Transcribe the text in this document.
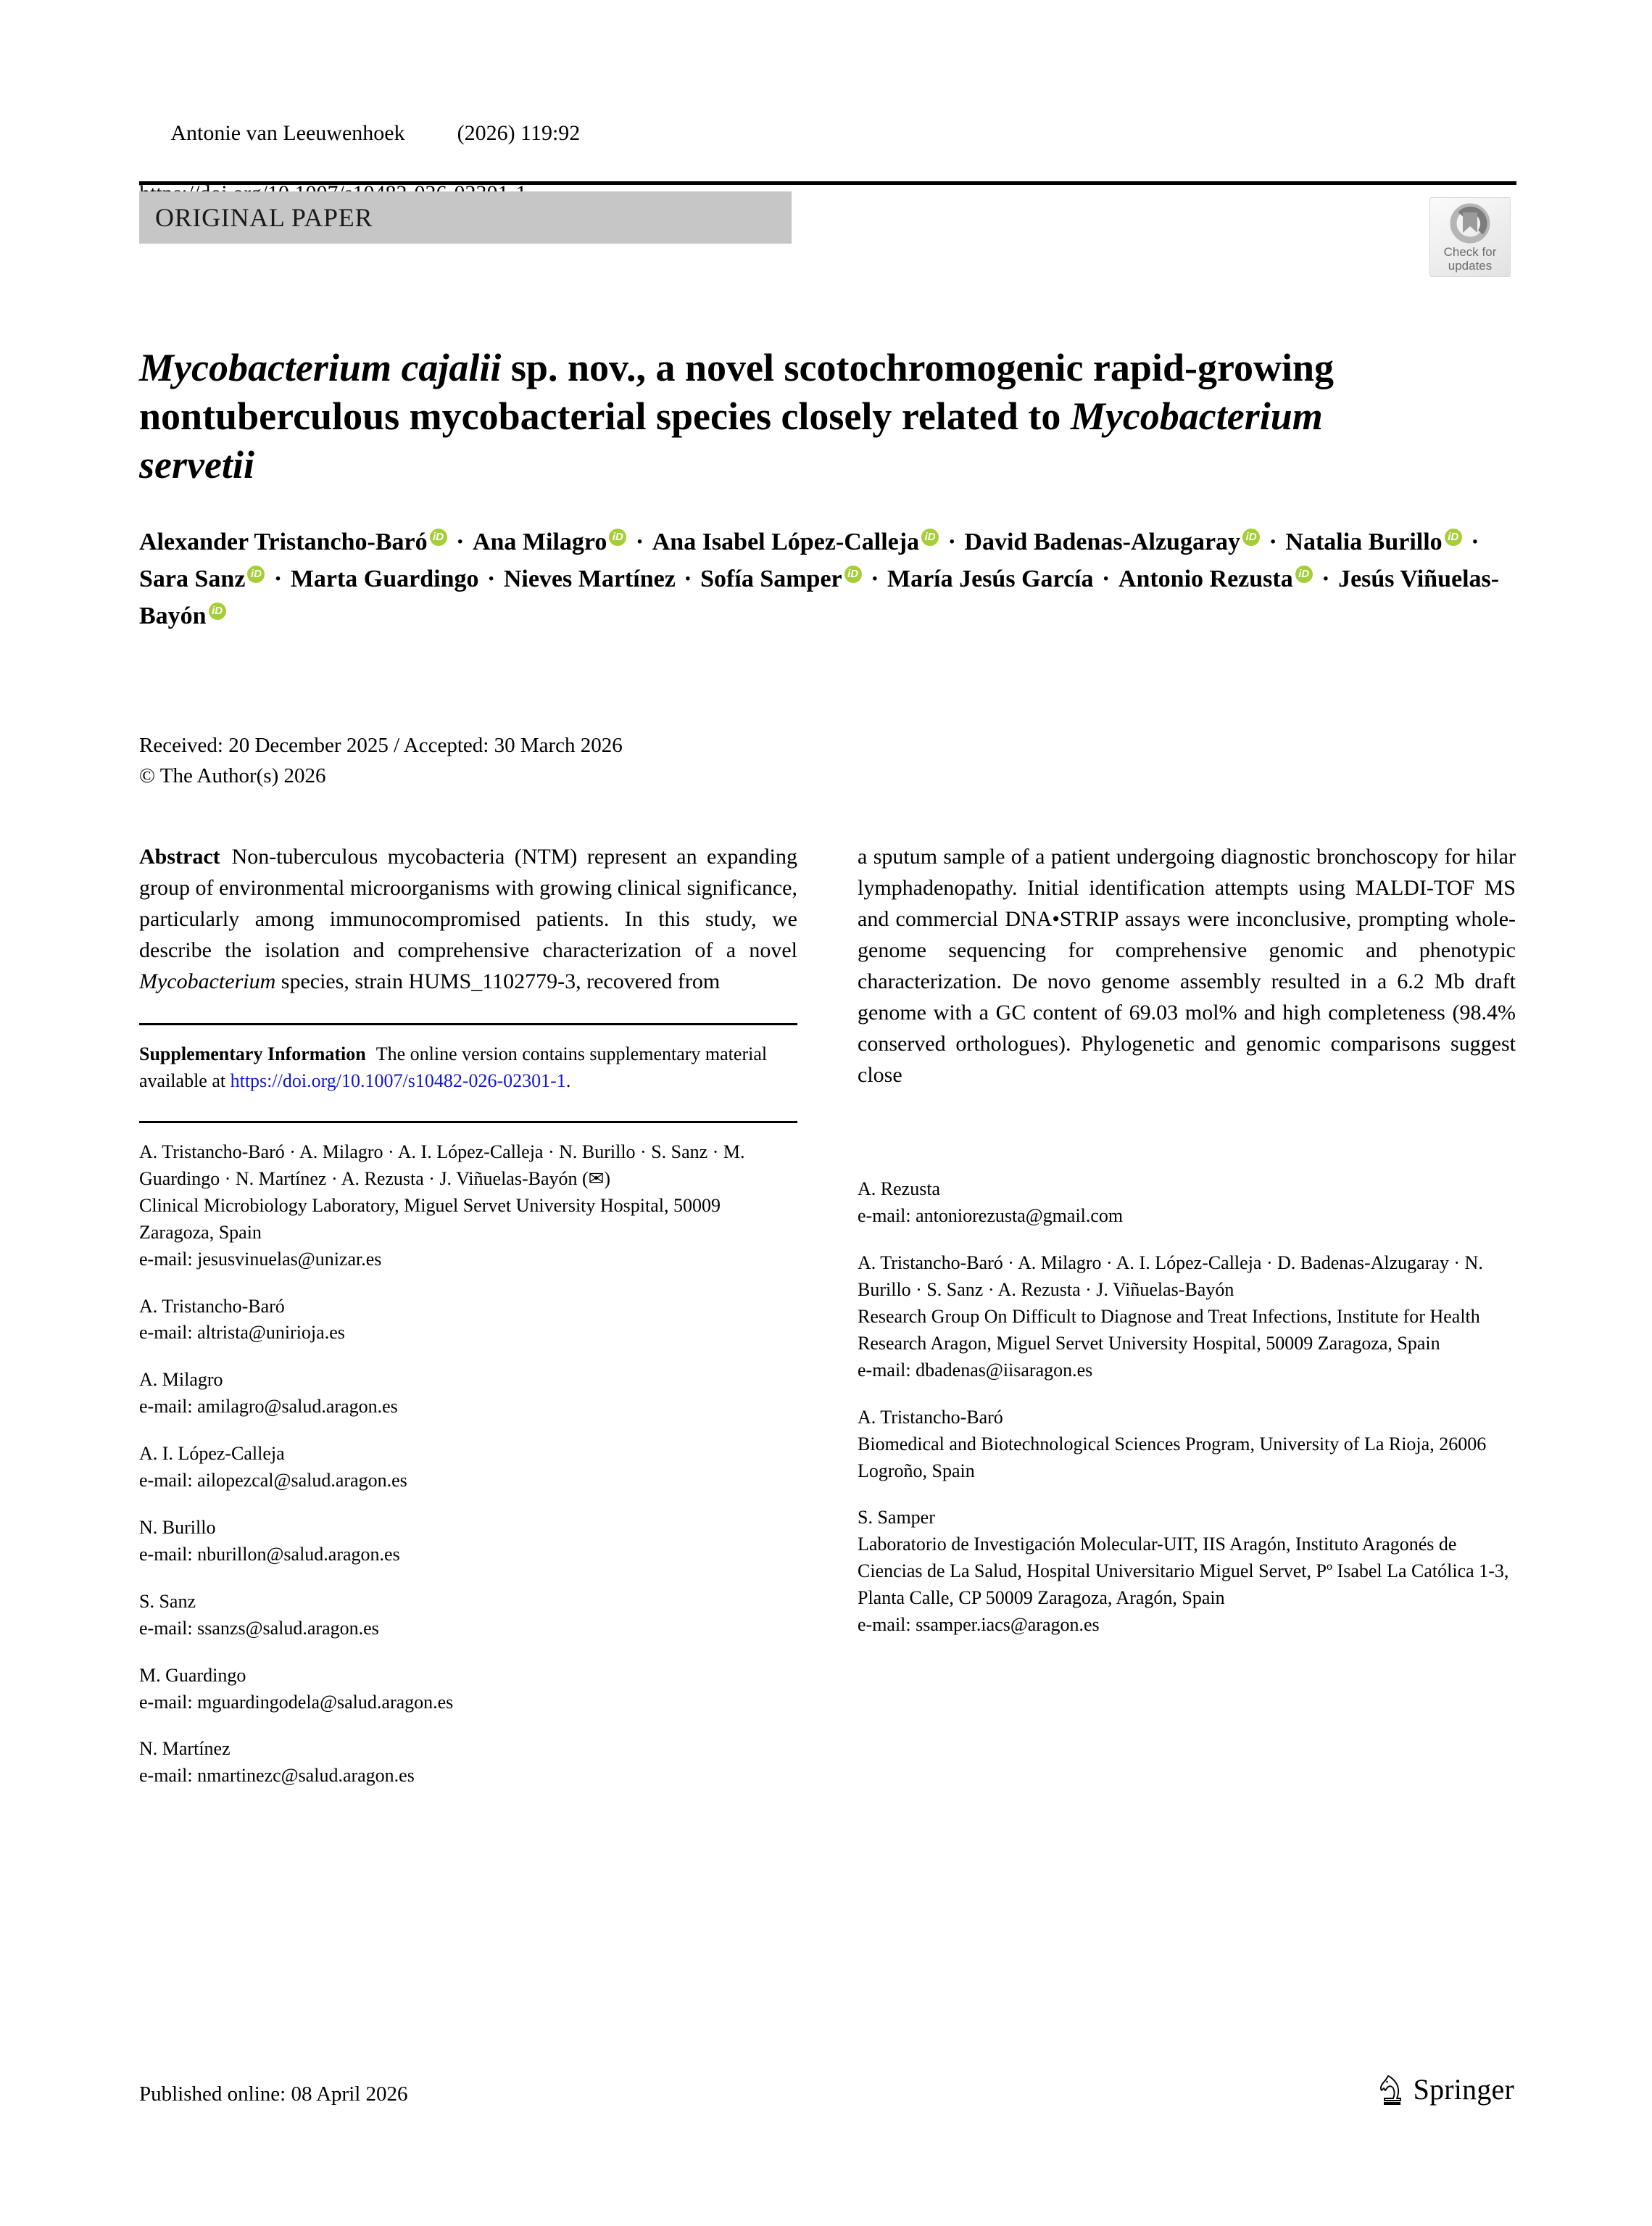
Antonie van Leeuwenhoek (2026) 119:92

ORIGINAL PAPER
Check for
updates
Mycobacterium cajalii sp. nov., a novel scotochromogenic rapid-growing nontuberculous mycobacterial species closely related to Mycobacterium servetii
Alexander Tristancho-BaróiD · Ana MilagroiD · Ana Isabel López-CallejaiD · David Badenas-AlzugarayiD · Natalia BurilloiD · Sara SanziD · Marta Guardingo · Nieves Martínez · Sofía SamperiD · María Jesús García · Antonio RezustaiD · Jesús Viñuelas-BayóniD
Received: 20 December 2025 / Accepted: 30 March 2026
© The Author(s) 2026
Abstract Non-tuberculous mycobacteria (NTM) represent an expanding group of environmental microorganisms with growing clinical significance, particularly among immunocompromised patients. In this study, we describe the isolation and comprehensive characterization of a novel Mycobacterium species, strain HUMS_1102779-3, recovered from
Supplementary Information The online version contains supplementary material available at https://doi.org/10.1007/s10482-026-02301-1.
A. Tristancho-Baró · A. Milagro · A. I. López-Calleja · N. Burillo · S. Sanz · M. Guardingo · N. Martínez · A. Rezusta · J. Viñuelas-Bayón (✉)
Clinical Microbiology Laboratory, Miguel Servet University Hospital, 50009 Zaragoza, Spain
e-mail: jesusvinuelas@unizar.es
A. Tristancho-Baró
e-mail: altrista@unirioja.es
A. Milagro
e-mail: amilagro@salud.aragon.es
A. I. López-Calleja
e-mail: ailopezcal@salud.aragon.es
N. Burillo
e-mail: nburillon@salud.aragon.es
S. Sanz
e-mail: ssanzs@salud.aragon.es
M. Guardingo
e-mail: mguardingodela@salud.aragon.es
N. Martínez
e-mail: nmartinezc@salud.aragon.es
a sputum sample of a patient undergoing diagnostic bronchoscopy for hilar lymphadenopathy. Initial identification attempts using MALDI-TOF MS and commercial DNA•STRIP assays were inconclusive, prompting whole-genome sequencing for comprehensive genomic and phenotypic characterization. De novo genome assembly resulted in a 6.2 Mb draft genome with a GC content of 69.03 mol% and high completeness (98.4% conserved orthologues). Phylogenetic and genomic comparisons suggest close
A. Rezusta
e-mail: antoniorezusta@gmail.com
A. Tristancho-Baró · A. Milagro · A. I. López-Calleja · D. Badenas-Alzugaray · N. Burillo · S. Sanz · A. Rezusta · J. Viñuelas-Bayón
Research Group On Difficult to Diagnose and Treat Infections, Institute for Health Research Aragon, Miguel Servet University Hospital, 50009 Zaragoza, Spain
e-mail: dbadenas@iisaragon.es
A. Tristancho-Baró
Biomedical and Biotechnological Sciences Program, University of La Rioja, 26006 Logroño, Spain
S. Samper
Laboratorio de Investigación Molecular-UIT, IIS Aragón, Instituto Aragonés de Ciencias de La Salud, Hospital Universitario Miguel Servet, Pº Isabel La Católica 1-3, Planta Calle, CP 50009 Zaragoza, Aragón, Spain
e-mail: ssamper.iacs@aragon.es
Published online: 08 April 2026	Springer
